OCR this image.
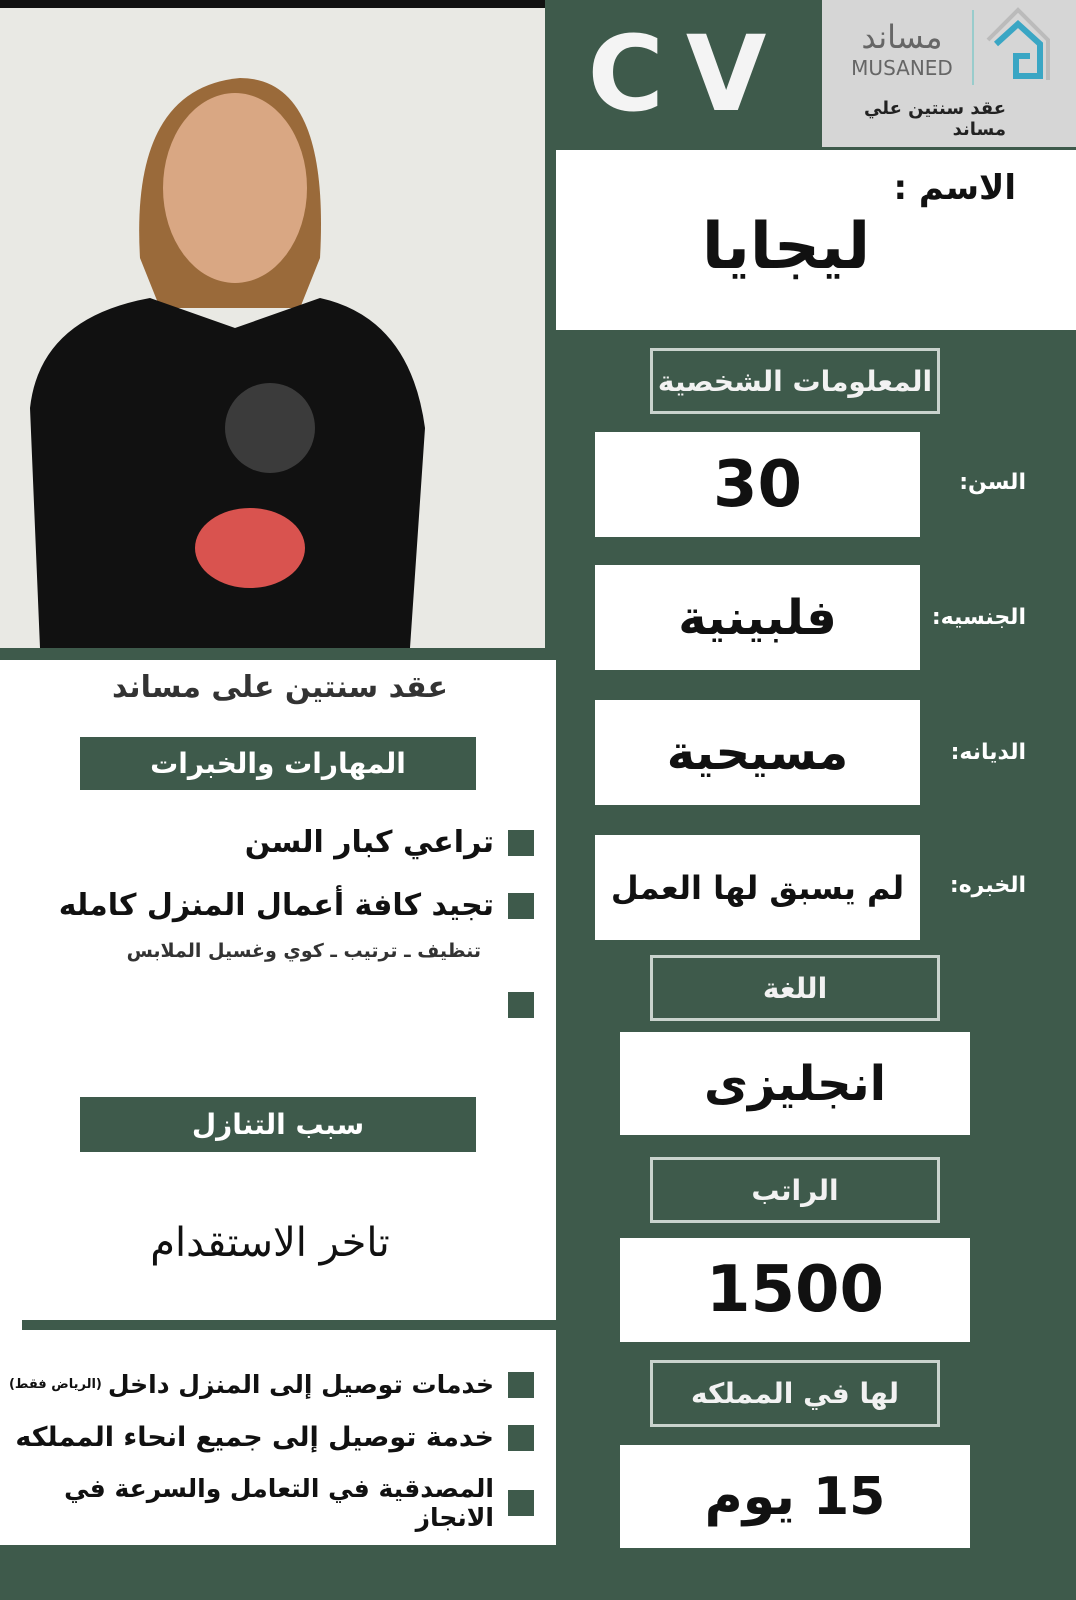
CV	مساند
MUSANED
عقد سنتين علي مساند
الاسم :
ليجايا
المعلومات الشخصية
30	السن:
فلبينية	الجنسيه:
مسيحية	الديانه:
لم يسبق لها العمل	الخبره:
اللغة
انجليزى
الراتب
1500
لها في المملكه
15 يوم
عقد سنتين على مساند
المهارات والخبرات
تراعي كبار السن
تجيد كافة أعمال المنزل كامله
تنظيف ـ ترتيب ـ كوي وغسيل الملابس
سبب التنازل
تاخر الاستقدام
خدمات توصيل إلى المنزل داخل
(الرياض فقط)
خدمة توصيل إلى جميع انحاء المملكه
المصدقية في التعامل والسرعة في الانجاز
